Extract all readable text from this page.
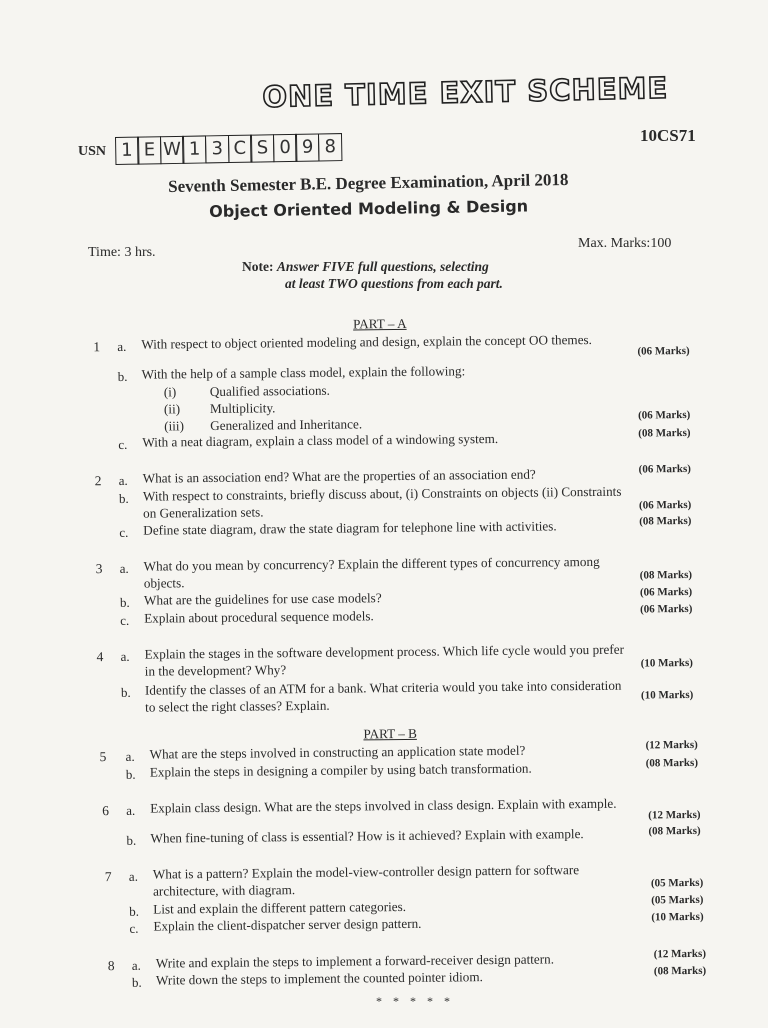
ONE TIME EXIT SCHEME
10CS71
USN 1 E W 1 3 C S 0 9 8
Seventh Semester B.E. Degree Examination, April 2018
Object Oriented Modeling & Design
Time: 3 hrs.
Max. Marks:100
Note: Answer FIVE full questions, selecting
at least TWO questions from each part.
PART – A
1 a. With respect to object oriented modeling and design, explain the concept OO themes.	(06 Marks)
b. With the help of a sample class model, explain the following:
(i)	Qualified associations.
(ii) Multiplicity.
(iii) Generalized and Inheritance.
(06 Marks)
c. With a neat diagram, explain a class model of a windowing system.	(08 Marks)
2 a. What is an association end? What are the properties of an association end?	(06 Marks)
b. With respect to constraints, briefly discuss about, (i) Constraints on objects (ii) Constraints
on Generalization sets.	(06 Marks)
c. Define state diagram, draw the state diagram for telephone line with activities.	(08 Marks)
3 a. What do you mean by concurrency? Explain the different types of concurrency among
objects.
(08 Marks)
b. What are the guidelines for use case models?	(06 Marks)
c. Explain about procedural sequence models.	(06 Marks)
4 a. Explain the stages in the software development process. Which life cycle would you prefer
in the development? Why?	(10 Marks)
b. Identify the classes of an ATM for a bank. What criteria would you take into consideration
to select the right classes? Explain.
(10 Marks)
PART – B
5 a. What are the steps involved in constructing an application state model?	(12 Marks)
b. Explain the steps in designing a compiler by using batch transformation.	(08 Marks)
6 a. Explain class design. What are the steps involved in class design. Explain with example.	(12 Marks)
b. When fine-tuning of class is essential? How is it achieved? Explain with example.	(08 Marks)
7 a. What is a pattern? Explain the model-view-controller design pattern for software
architecture, with diagram.	(05 Marks)
b. List and explain the different pattern categories.	(05 Marks)
c. Explain the client-dispatcher server design pattern.	(10 Marks)
8 a. Write and explain the steps to implement a forward-receiver design pattern.	(12 Marks)
b. Write down the steps to implement the counted pointer idiom.	(08 Marks)
* * * * *
